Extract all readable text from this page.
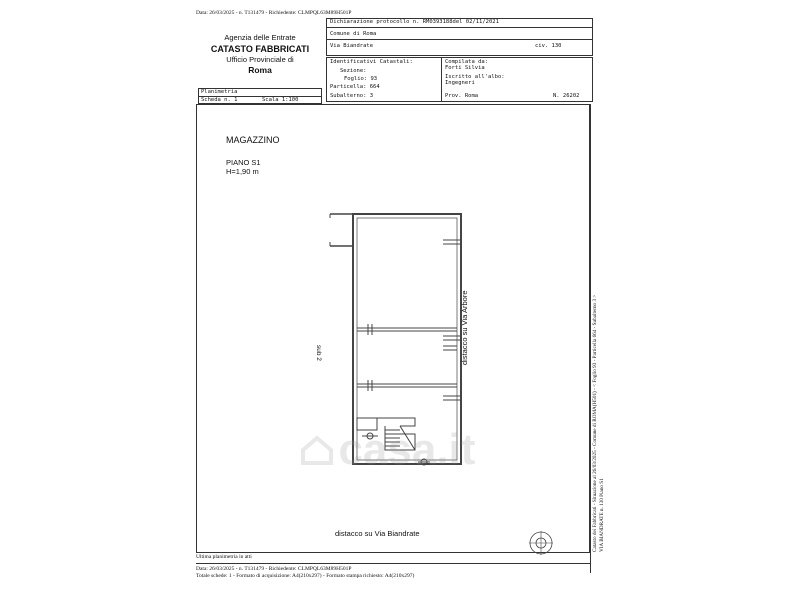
Data: 26/03/2025 - n. T131479 - Richiedente: CLMPQL63M89H501P
Agenzia delle Entrate
CATASTO FABBRICATI
Ufficio Provinciale di
Roma
Dichiarazione protocollo n. RM0393188del 02/11/2021
Comune di Roma
Via Biandrate	civ. 130
Identificativi Catastali:
Sezione:
Foglio: 93
Particella: 664
Subalterno: 3
Compilata da:
Forti Silvia
Iscritto all'albo:
Ingegneri
Prov. Roma	N. 26202
Planimetria
Scheda n. 1	Scala 1:100
MAGAZZINO
PIANO S1
H=1,90 m
sub 2	distacco su Via Arbore
casa.it
distacco su Via Biandrate	Catasto dei Fabbricati - Situazione al 26/03/2025 - Comune di ROMA(H501) - < Foglio 93 - Particella 664 - Subalterno 3 > VIA BIANDRATE n. 130 Piano S1
Ultima planimetria in atti
Data: 26/03/2025 - n. T131479 - Richiedente: CLMPQL63M89H501P
Totale schede: 1 - Formato di acquisizione: A4(210x297) - Formato stampa richiesto: A4(210x297)
